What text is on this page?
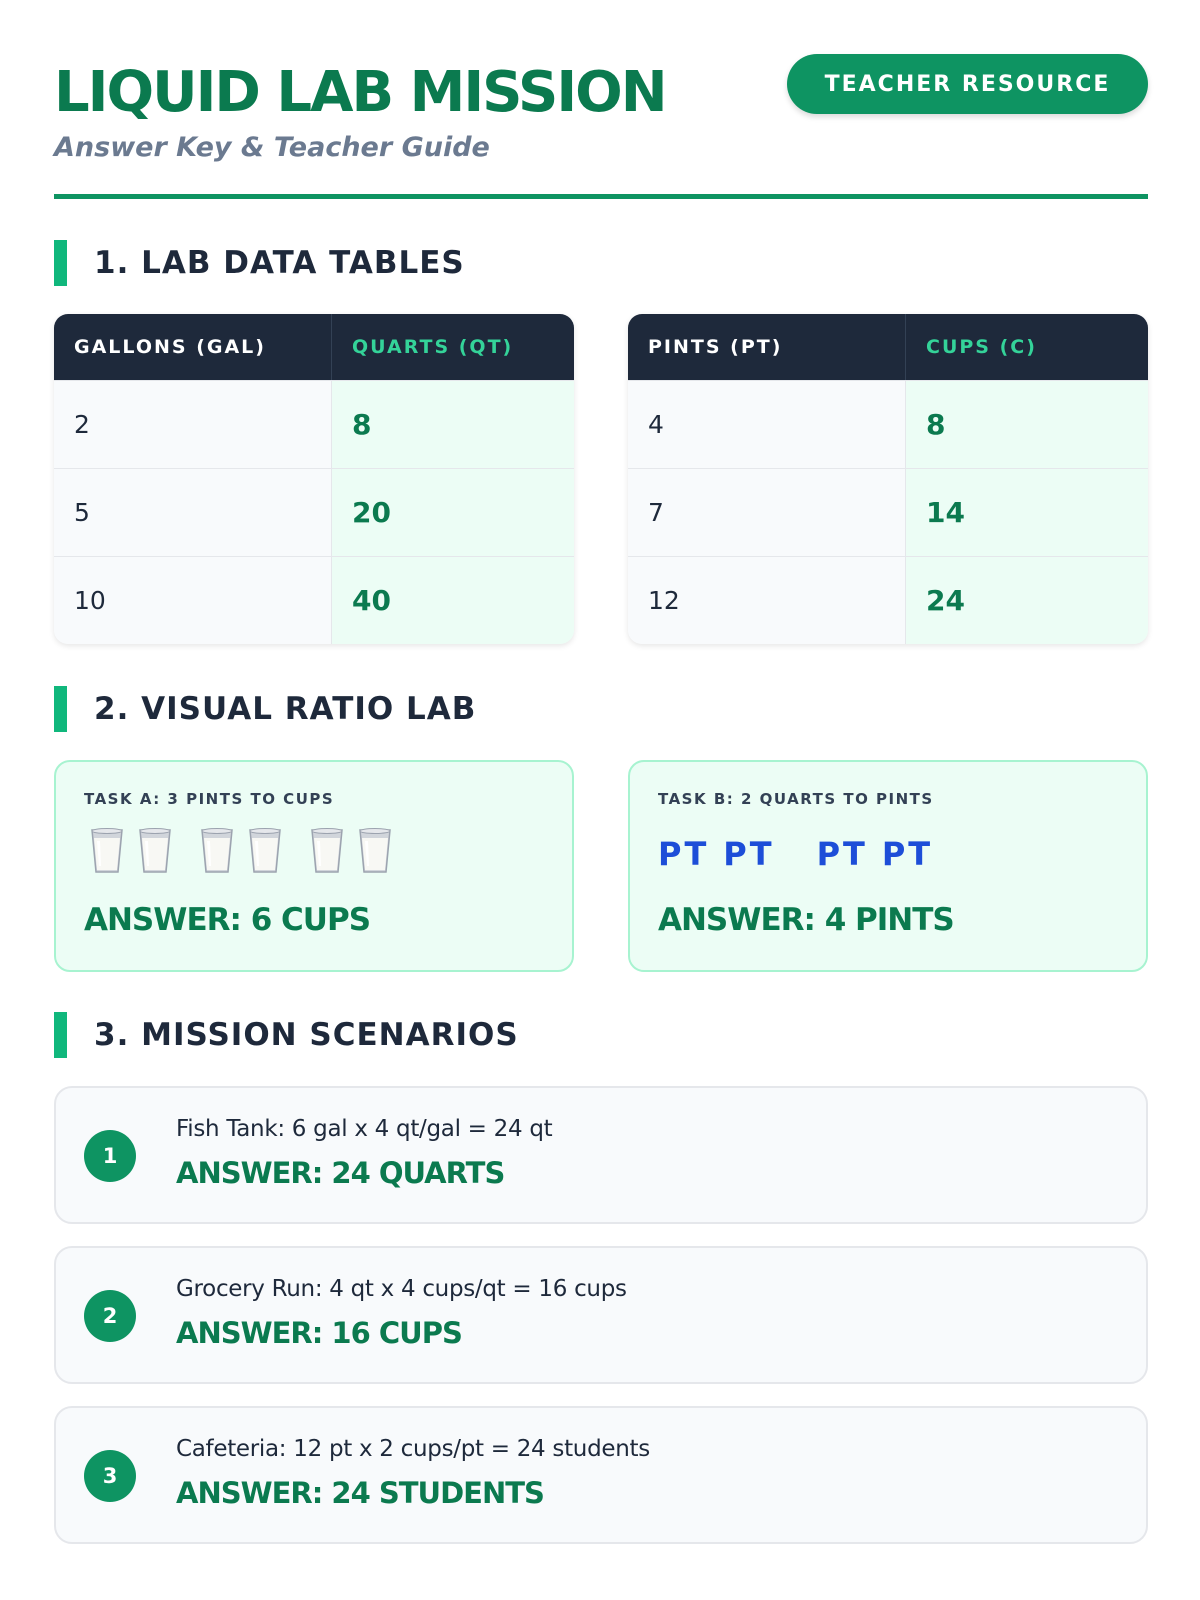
LIQUID LAB MISSION
Answer Key & Teacher Guide
TEACHER RESOURCE
1. LAB DATA TABLES
GALLONS (GAL)	QUARTS (QT)
2	8
5	20
10	40
PINTS (PT)	CUPS (C)
4	8
7	14
12	24
2. VISUAL RATIO LAB
TASK A: 3 PINTS TO CUPS
ANSWER: 6 CUPS
TASK B: 2 QUARTS TO PINTS
PT PT PT PT
ANSWER: 4 PINTS
3. MISSION SCENARIOS
1
Fish Tank: 6 gal x 4 qt/gal = 24 qt
ANSWER: 24 QUARTS
2
Grocery Run: 4 qt x 4 cups/qt = 16 cups
ANSWER: 16 CUPS
3
Cafeteria: 12 pt x 2 cups/pt = 24 students
ANSWER: 24 STUDENTS
